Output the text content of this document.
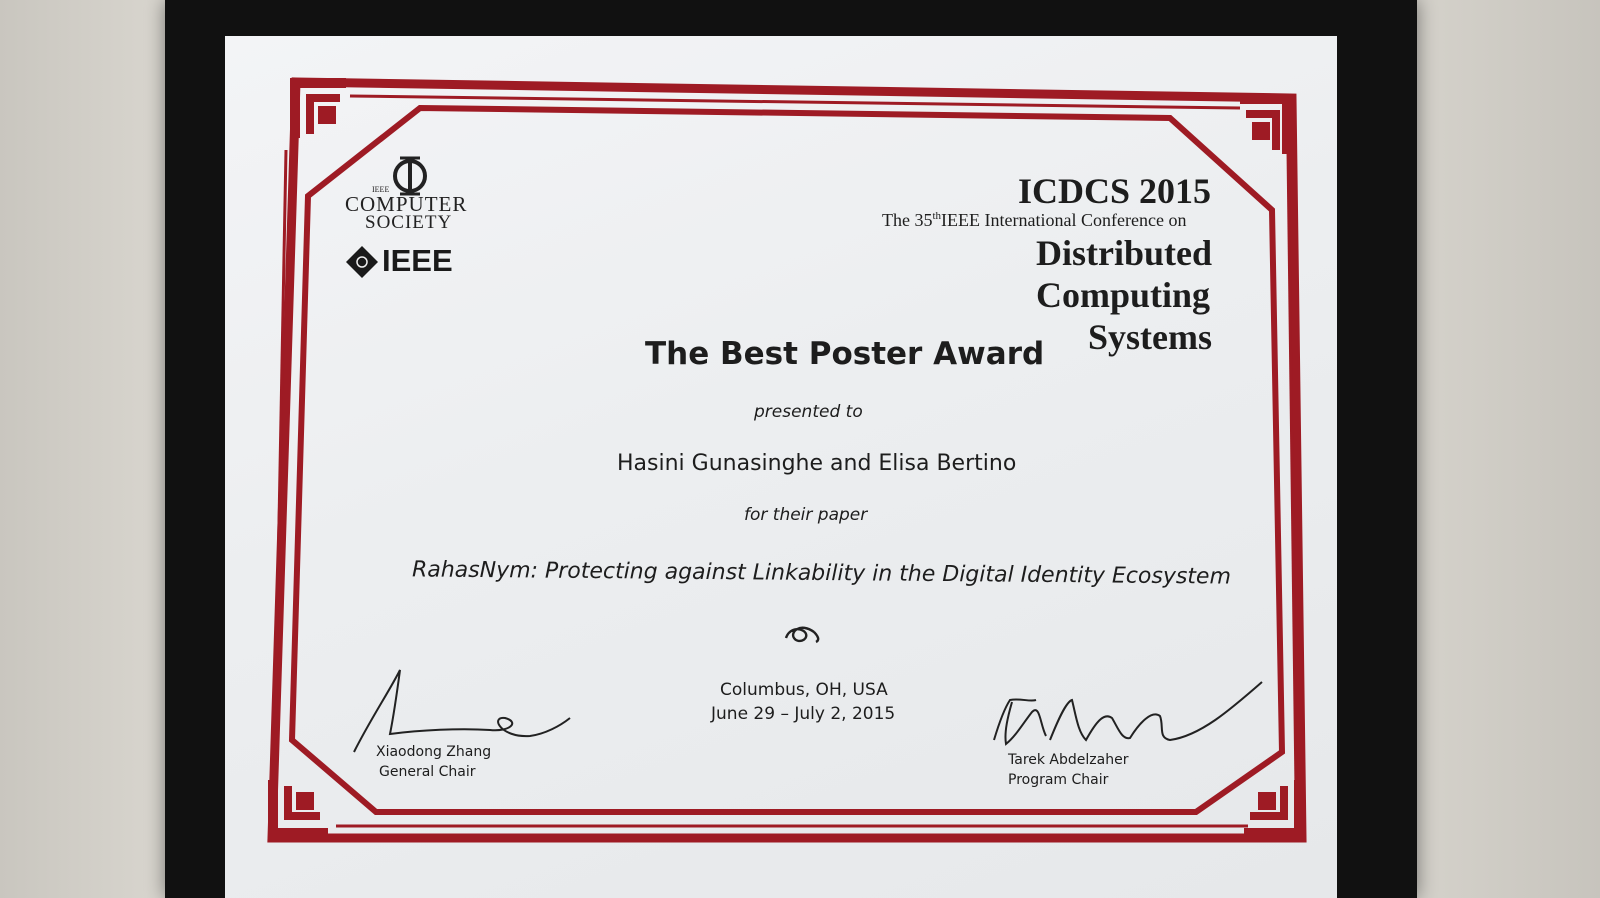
IEEE
COMPUTER
SOCIETY
IEEE
ICDCS 2015
The 35thIEEE International Conference on
Distributed
Computing
Systems
The Best Poster Award
presented to
Hasini Gunasinghe and Elisa Bertino
for their paper
RahasNym: Protecting against Linkability in the Digital Identity Ecosystem
Columbus, OH, USA
June 29 – July 2, 2015
Xiaodong Zhang
General Chair
Tarek Abdelzaher
Program Chair
